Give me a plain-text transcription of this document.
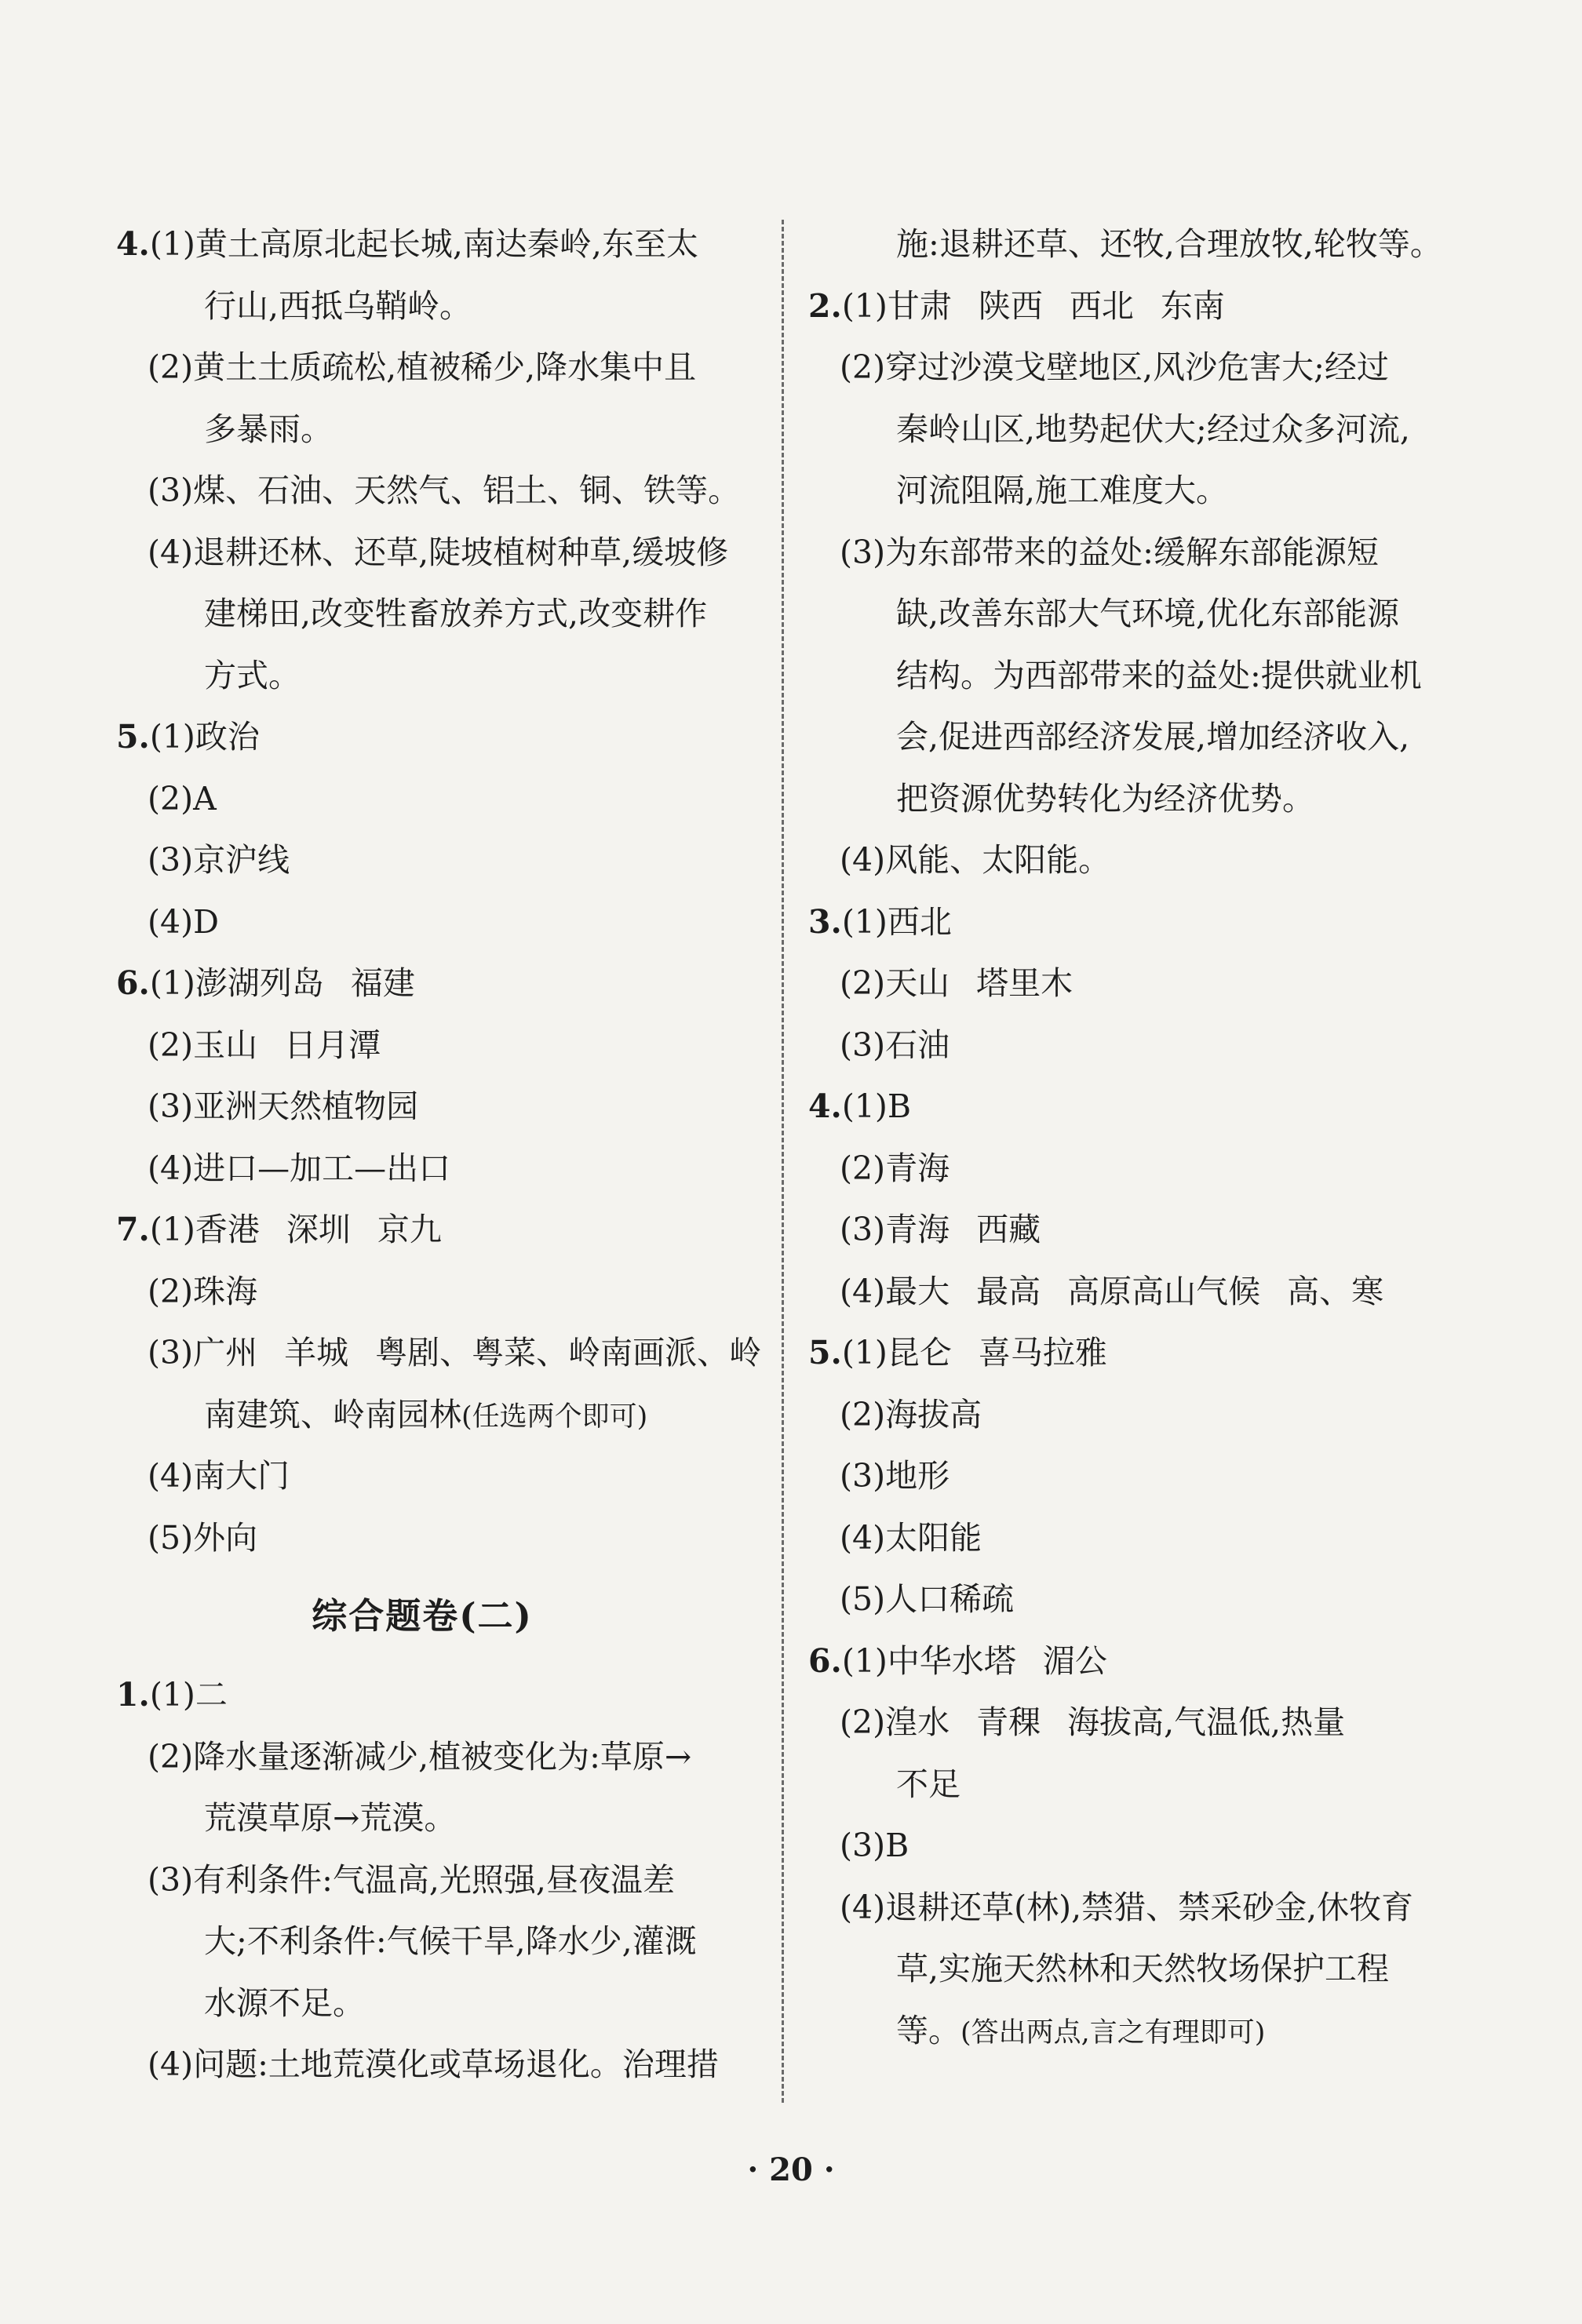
4.(1)黄土高原北起长城,南达秦岭,东至太
行山,西抵乌鞘岭。
(2)黄土土质疏松,植被稀少,降水集中且
多暴雨。
(3)煤、石油、天然气、铝土、铜、铁等。
(4)退耕还林、还草,陡坡植树种草,缓坡修
建梯田,改变牲畜放养方式,改变耕作
方式。
5.(1)政治
(2)A
(3)京沪线
(4)D
6.(1)澎湖列岛 福建
(2)玉山 日月潭
(3)亚洲天然植物园
(4)进口—加工—出口
7.(1)香港 深圳 京九
(2)珠海
(3)广州 羊城 粤剧、粤菜、岭南画派、岭
南建筑、岭南园林(任选两个即可)
(4)南大门
(5)外向
综合题卷(二)
1.(1)二
(2)降水量逐渐减少,植被变化为:草原→
荒漠草原→荒漠。
(3)有利条件:气温高,光照强,昼夜温差
大;不利条件:气候干旱,降水少,灌溉
水源不足。
(4)问题:土地荒漠化或草场退化。治理措
施:退耕还草、还牧,合理放牧,轮牧等。
2.(1)甘肃 陕西 西北 东南
(2)穿过沙漠戈壁地区,风沙危害大;经过
秦岭山区,地势起伏大;经过众多河流,
河流阻隔,施工难度大。
(3)为东部带来的益处:缓解东部能源短
缺,改善东部大气环境,优化东部能源
结构。为西部带来的益处:提供就业机
会,促进西部经济发展,增加经济收入,
把资源优势转化为经济优势。
(4)风能、太阳能。
3.(1)西北
(2)天山 塔里木
(3)石油
4.(1)B
(2)青海
(3)青海 西藏
(4)最大 最高 高原高山气候 高、寒
5.(1)昆仑 喜马拉雅
(2)海拔高
(3)地形
(4)太阳能
(5)人口稀疏
6.(1)中华水塔 湄公
(2)湟水 青稞 海拔高,气温低,热量
不足
(3)B
(4)退耕还草(林),禁猎、禁采砂金,休牧育
草,实施天然林和天然牧场保护工程
等。(答出两点,言之有理即可)
· 20 ·
